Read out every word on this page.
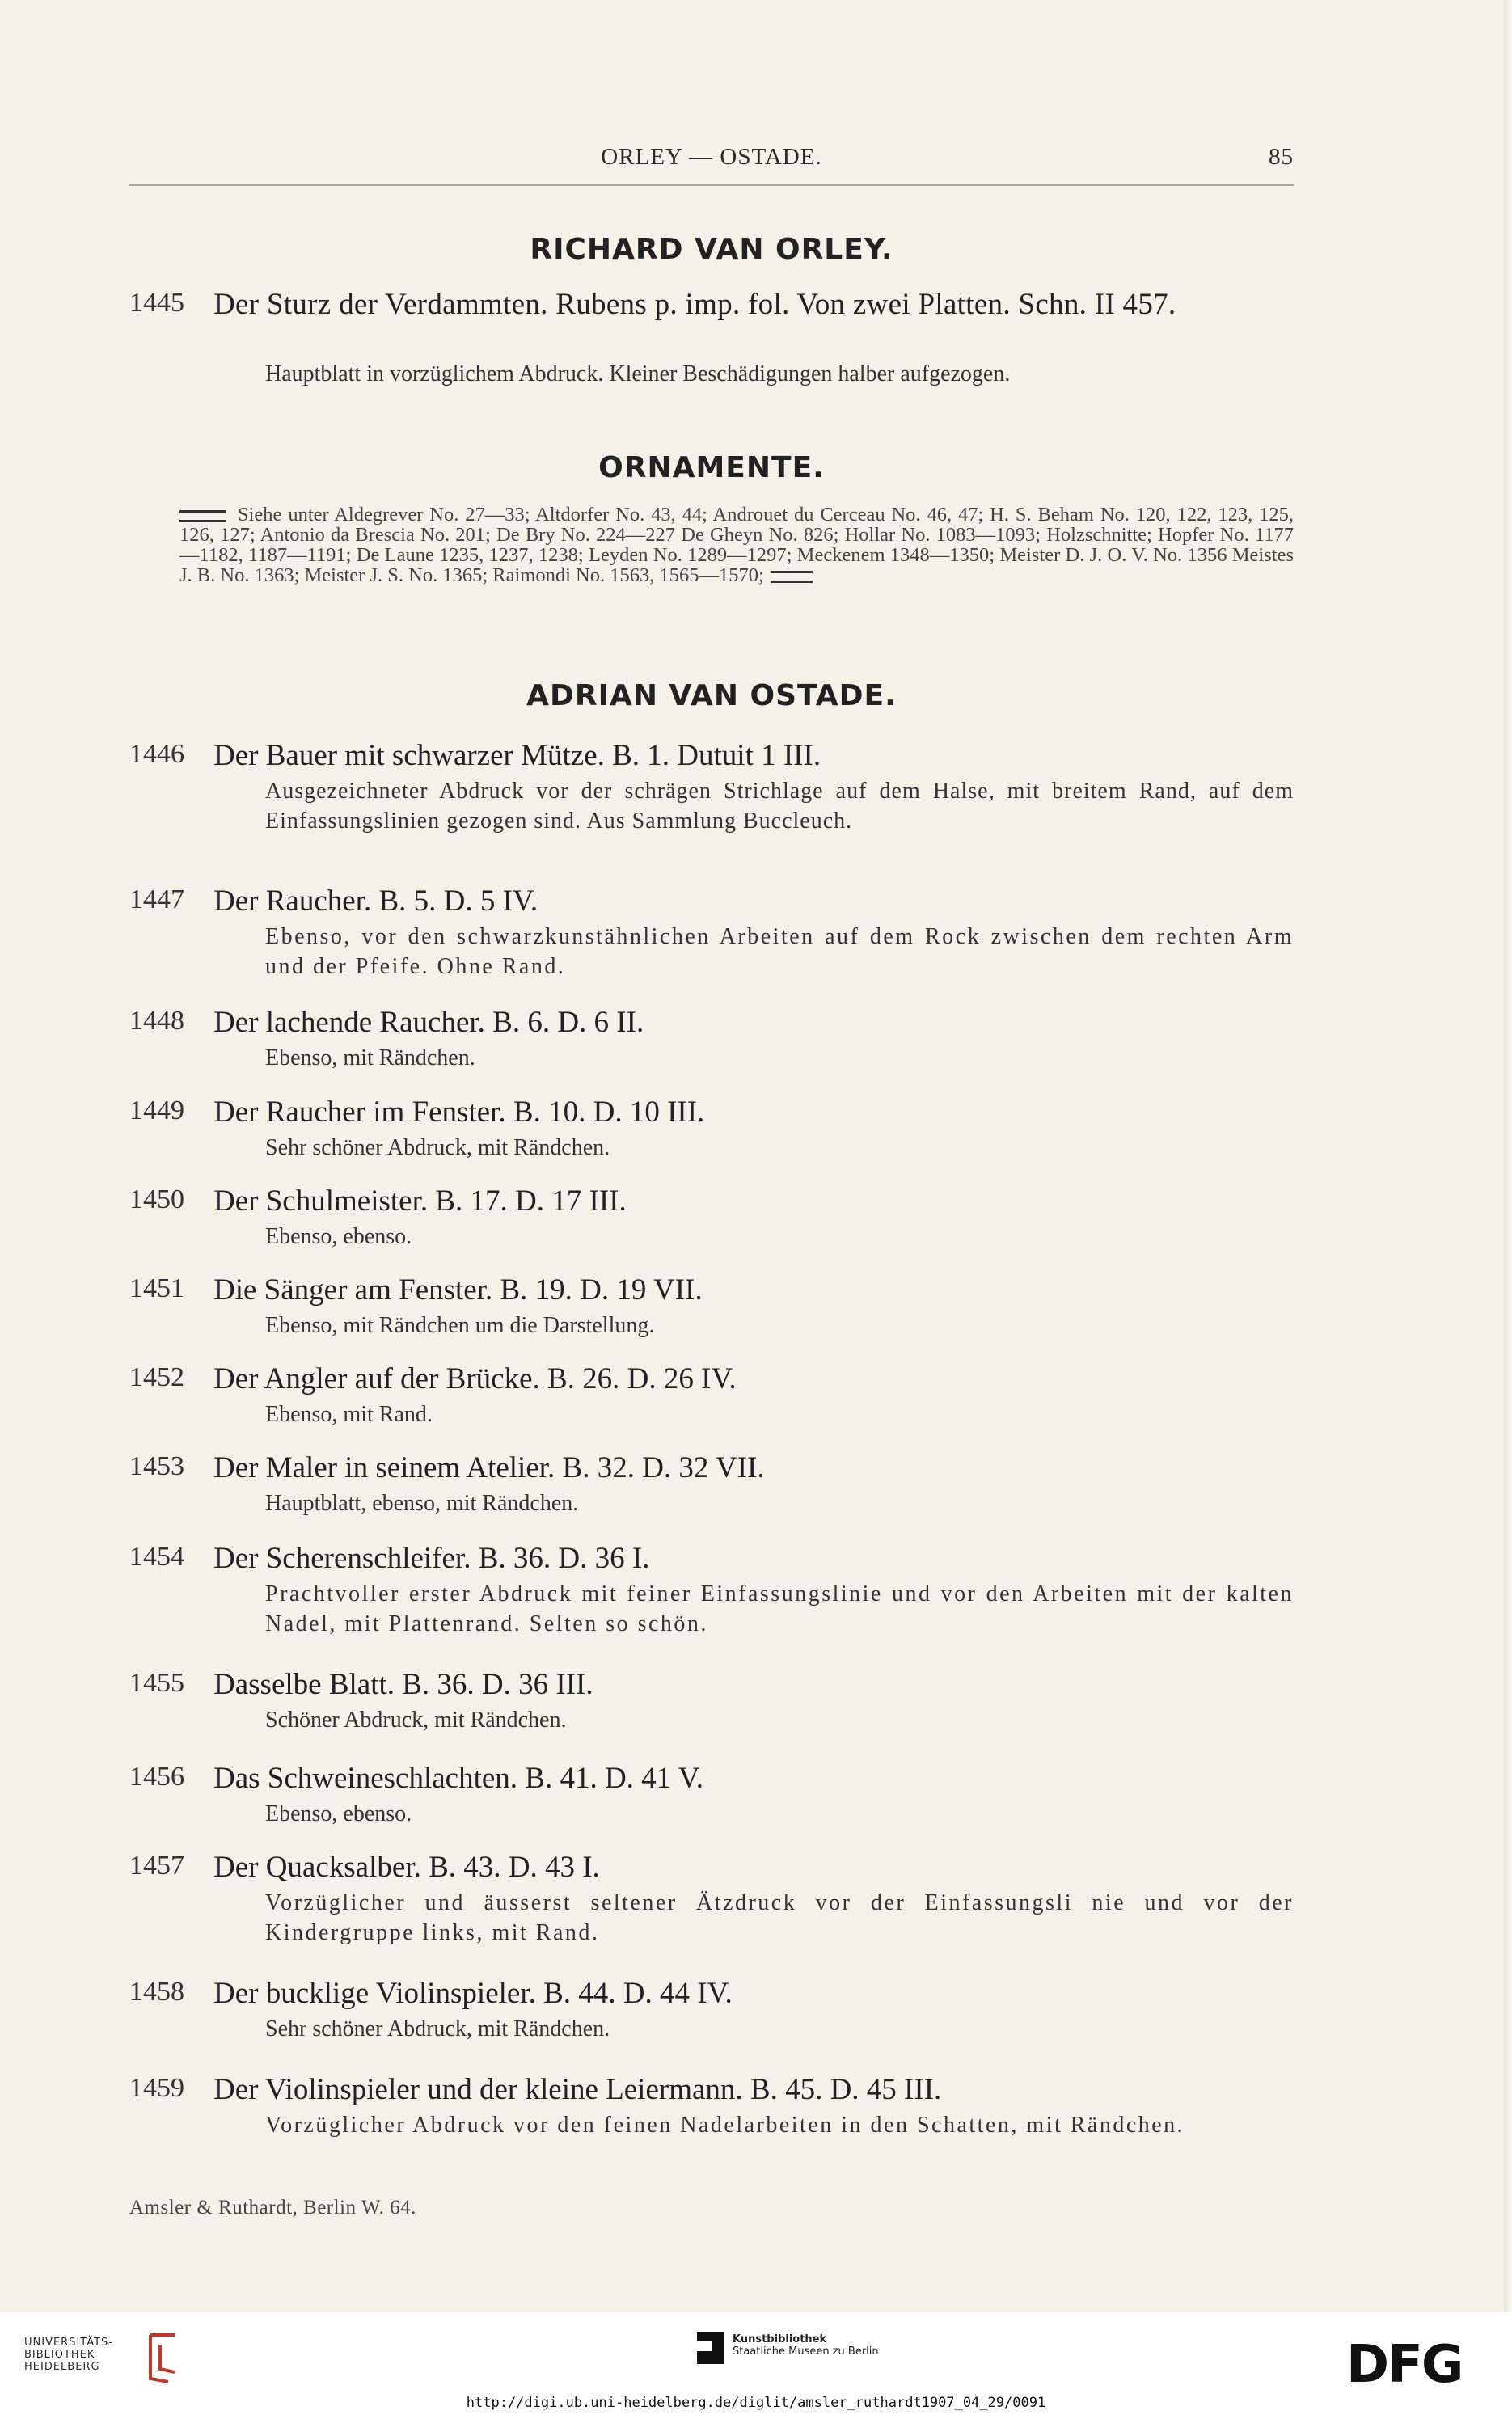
ORLEY — OSTADE.	85
RICHARD VAN ORLEY.
1445 Der Sturz der Verdammten. Rubens p. imp. fol. Von zwei Platten. Schn. II 457.
Hauptblatt in vorzüglichem Abdruck. Kleiner Beschädigungen halber aufgezogen.
ORNAMENTE.
Siehe unter Aldegrever No. 27—33; Altdorfer No. 43, 44; Androuet du Cerceau No. 46, 47; H. S. Beham No. 120, 122, 123, 125, 126, 127; Antonio da Brescia No. 201; De Bry No. 224—227 De Gheyn No. 826; Hollar No. 1083—1093; Holzschnitte; Hopfer No. 1177—1182, 1187—1191; De Laune 1235, 1237, 1238; Leyden No. 1289—1297; Meckenem 1348—1350; Meister D. J. O. V. No. 1356 Meistes J. B. No. 1363; Meister J. S. No. 1365; Raimondi No. 1563, 1565—1570;
ADRIAN VAN OSTADE.
1446 Der Bauer mit schwarzer Mütze. B. 1. Dutuit 1 III.
Ausgezeichneter Abdruck vor der schrägen Strichlage auf dem Halse, mit breitem Rand, auf dem Einfassungslinien gezogen sind. Aus Sammlung Buccleuch.
1447 Der Raucher. B. 5. D. 5 IV.
Ebenso, vor den schwarzkunstähnlichen Arbeiten auf dem Rock zwischen dem rechten Arm und der Pfeife. Ohne Rand.
1448 Der lachende Raucher. B. 6. D. 6 II.
Ebenso, mit Rändchen.
1449 Der Raucher im Fenster. B. 10. D. 10 III.
Sehr schöner Abdruck, mit Rändchen.
1450 Der Schulmeister. B. 17. D. 17 III.
Ebenso, ebenso.
1451 Die Sänger am Fenster. B. 19. D. 19 VII.
Ebenso, mit Rändchen um die Darstellung.
1452 Der Angler auf der Brücke. B. 26. D. 26 IV.
Ebenso, mit Rand.
1453 Der Maler in seinem Atelier. B. 32. D. 32 VII.
Hauptblatt, ebenso, mit Rändchen.
1454 Der Scherenschleifer. B. 36. D. 36 I.
Prachtvoller erster Abdruck mit feiner Einfassungslinie und vor den Arbeiten mit der kalten Nadel, mit Plattenrand. Selten so schön.
1455 Dasselbe Blatt. B. 36. D. 36 III.
Schöner Abdruck, mit Rändchen.
1456 Das Schweineschlachten. B. 41. D. 41 V.
Ebenso, ebenso.
1457 Der Quacksalber. B. 43. D. 43 I.
Vorzüglicher und äusserst seltener Ätzdruck vor der Einfassungsli nie und vor der Kindergruppe links, mit Rand.
1458 Der bucklige Violinspieler. B. 44. D. 44 IV.
Sehr schöner Abdruck, mit Rändchen.
1459 Der Violinspieler und der kleine Leiermann. B. 45. D. 45 III.
Vorzüglicher Abdruck vor den feinen Nadelarbeiten in den Schatten, mit Rändchen.
Amsler & Ruthardt, Berlin W. 64.
UNIVERSITÄTS-
BIBLIOTHEK
HEIDELBERG
Kunstbibliothek
Staatliche Museen zu Berlin	DFG
http://digi.ub.uni-heidelberg.de/diglit/amsler_ruthardt1907_04_29/0091
